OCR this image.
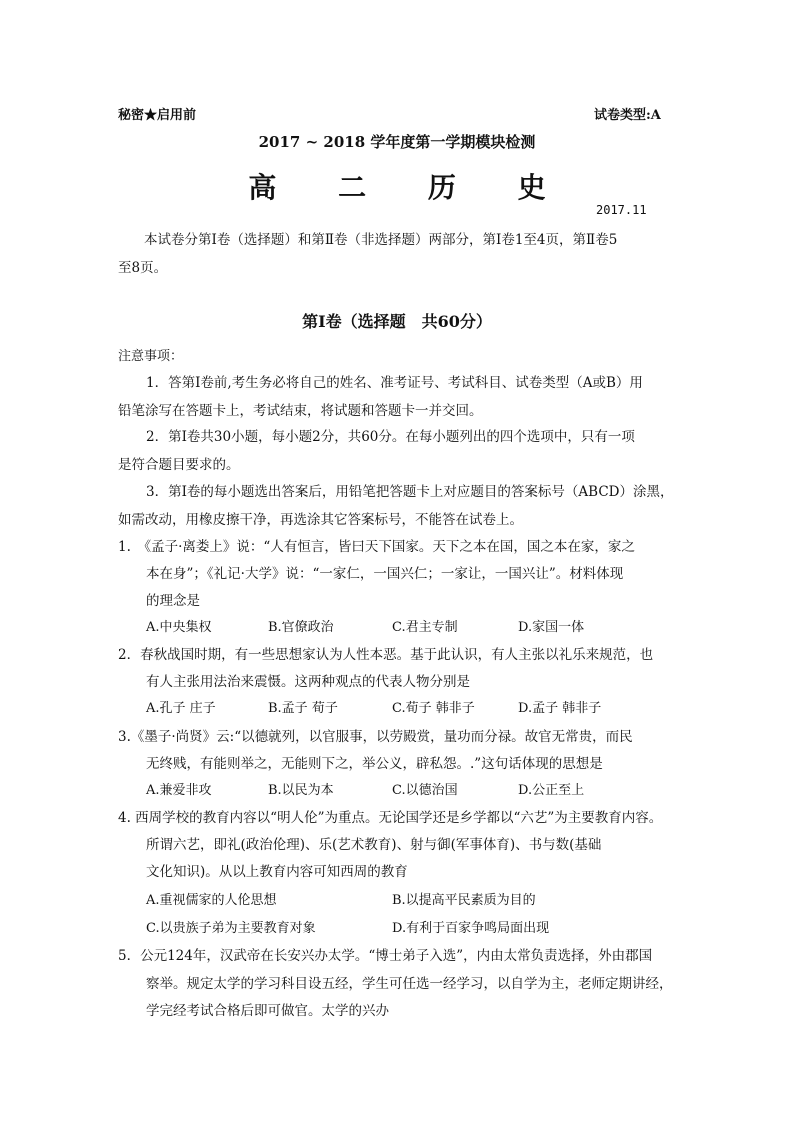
秘密★启用前	试卷类型:A
2017 ~ 2018 学年度第一学期模块检测
高 二 历 史
2017.11
本试卷分第Ⅰ卷（选择题）和第Ⅱ卷（非选择题）两部分，第Ⅰ卷1至4页，第Ⅱ卷5
至8页。
第Ⅰ卷（选择题　共60分）
注意事项：
1．答第Ⅰ卷前,考生务必将自己的姓名、准考证号、考试科目、试卷类型（A或B）用
铅笔涂写在答题卡上，考试结束，将试题和答题卡一并交回。
2．第Ⅰ卷共30小题，每小题2分，共60分。在每小题列出的四个选项中，只有一项
是符合题目要求的。
3．第Ⅰ卷的每小题选出答案后，用铅笔把答题卡上对应题目的答案标号（ABCD）涂黑，
如需改动，用橡皮擦干净，再选涂其它答案标号，不能答在试卷上。
1.　《孟子·离娄上》说：“人有恒言，皆曰天下国家。天下之本在国，国之本在家，家之
本在身”；《礼记·大学》说：“一家仁，一国兴仁；一家让，一国兴让”。材料体现
的理念是
A.中央集权	B.官僚政治	C.君主专制	D.家国一体
2．春秋战国时期，有一些思想家认为人性本恶。基于此认识，有人主张以礼乐来规范，也
有人主张用法治来震慑。这两种观点的代表人物分别是
A.孔子 庄子	B.孟子 荀子	C.荀子 韩非子	D.孟子 韩非子
3.《墨子·尚贤》云:“以德就列，以官服事，以劳殿赏，量功而分禄。故官无常贵，而民
无终贱，有能则举之，无能则下之，举公义，辟私怨。.”这句话体现的思想是
A.兼爱非攻	B.以民为本	C.以德治国	D.公正至上
4. 西周学校的教育内容以“明人伦”为重点。无论国学还是乡学都以“六艺”为主要教育内容。
所谓六艺，即礼(政治伦理)、乐(艺术教育)、射与御(军事体育)、书与数(基础
文化知识)。从以上教育内容可知西周的教育
A.重视儒家的人伦思想	B.以提高平民素质为目的
C.以贵族子弟为主要教育对象	D.有利于百家争鸣局面出现
5．公元124年，汉武帝在长安兴办太学。“博士弟子入选”，内由太常负责选择，外由郡国
察举。规定太学的学习科目设五经，学生可任选一经学习，以自学为主，老师定期讲经，
学完经考试合格后即可做官。太学的兴办
